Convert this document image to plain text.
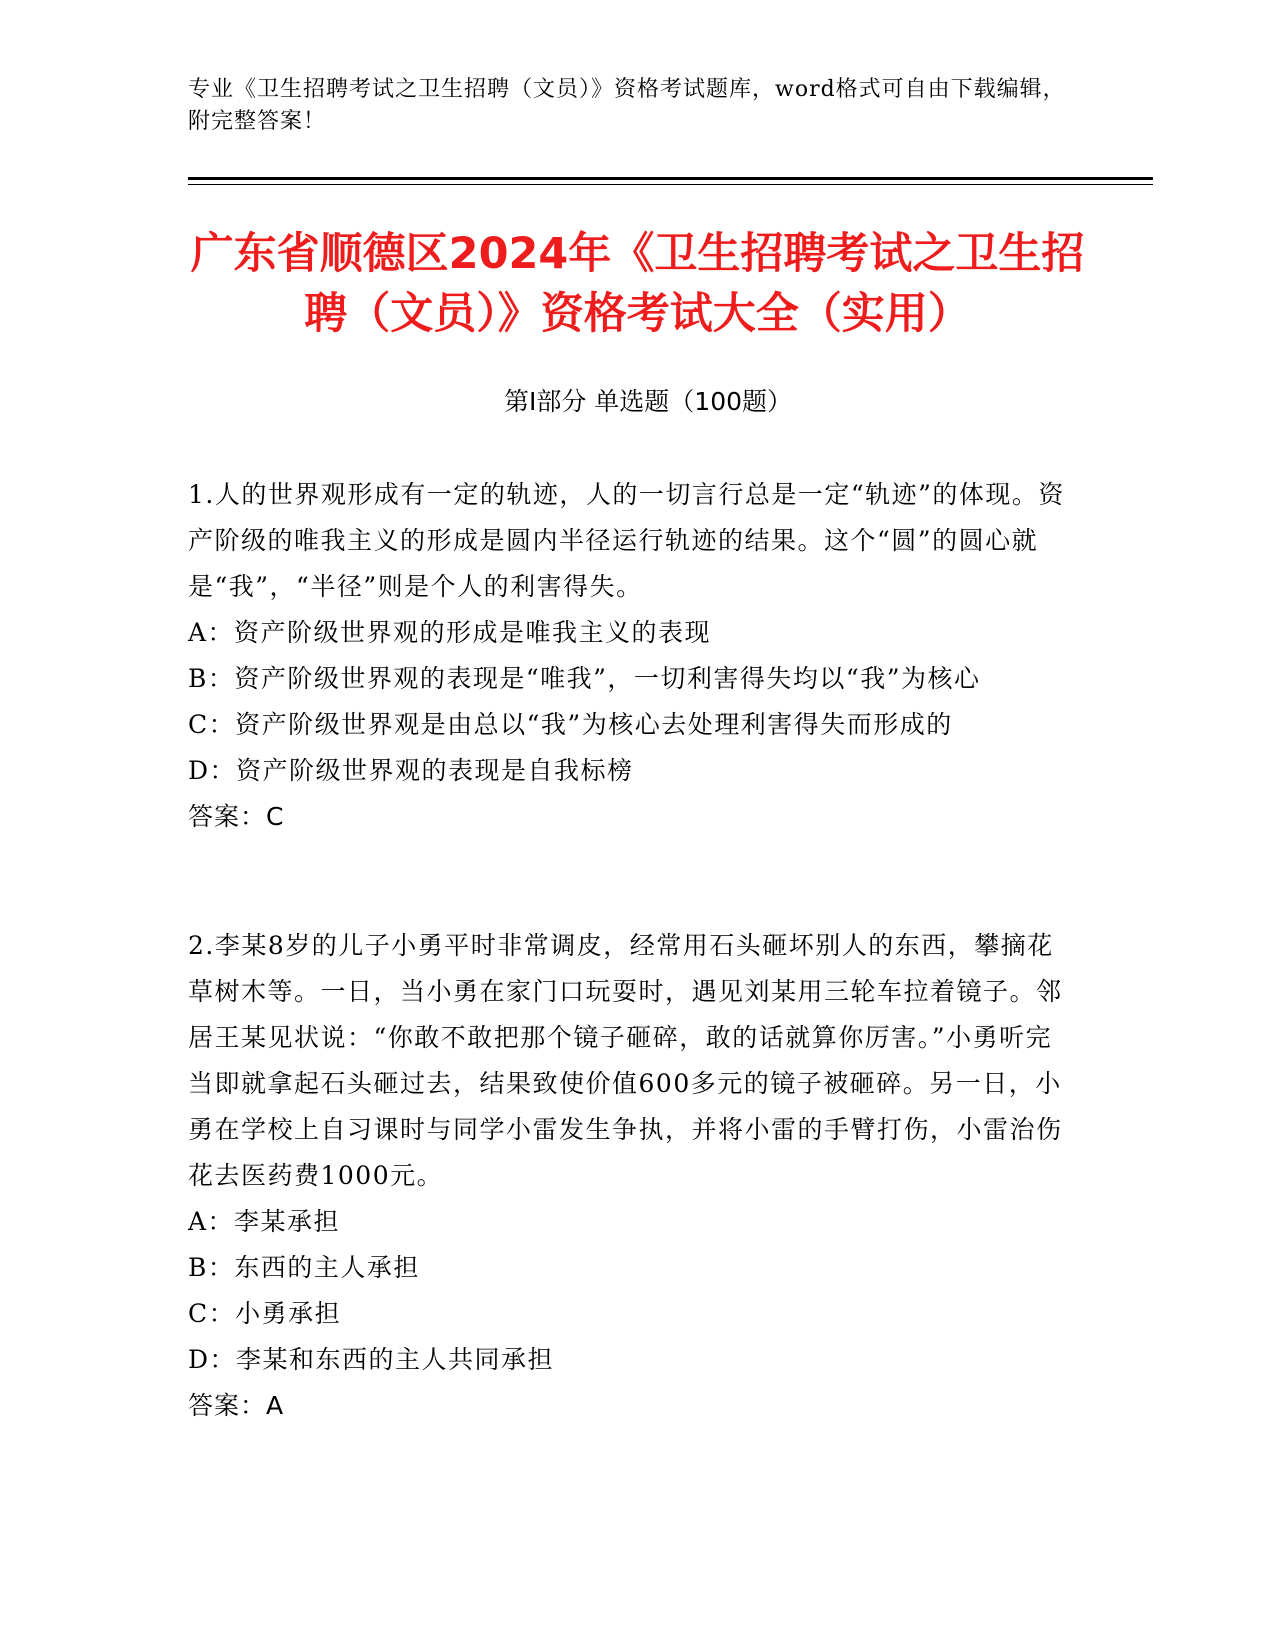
专业《卫生招聘考试之卫生招聘（文员）》资格考试题库，word格式可自由下载编辑，附完整答案！
广东省顺德区2024年《卫生招聘考试之卫生招聘（文员）》资格考试大全（实用）
第Ⅰ部分 单选题（100题）
1.人的世界观形成有一定的轨迹，人的一切言行总是一定“轨迹”的体现。资产阶级的唯我主义的形成是圆内半径运行轨迹的结果。这个“圆”的圆心就是“我”，“半径”则是个人的利害得失。
A：资产阶级世界观的形成是唯我主义的表现
B：资产阶级世界观的表现是“唯我”，一切利害得失均以“我”为核心
C：资产阶级世界观是由总以“我”为核心去处理利害得失而形成的
D：资产阶级世界观的表现是自我标榜
答案：C
2.李某8岁的儿子小勇平时非常调皮，经常用石头砸坏别人的东西，攀摘花草树木等。一日，当小勇在家门口玩耍时，遇见刘某用三轮车拉着镜子。邻居王某见状说：“你敢不敢把那个镜子砸碎，敢的话就算你厉害。”小勇听完当即就拿起石头砸过去，结果致使价值600多元的镜子被砸碎。另一日，小勇在学校上自习课时与同学小雷发生争执，并将小雷的手臂打伤，小雷治伤花去医药费1000元。
A：李某承担
B：东西的主人承担
C：小勇承担
D：李某和东西的主人共同承担
答案：A
